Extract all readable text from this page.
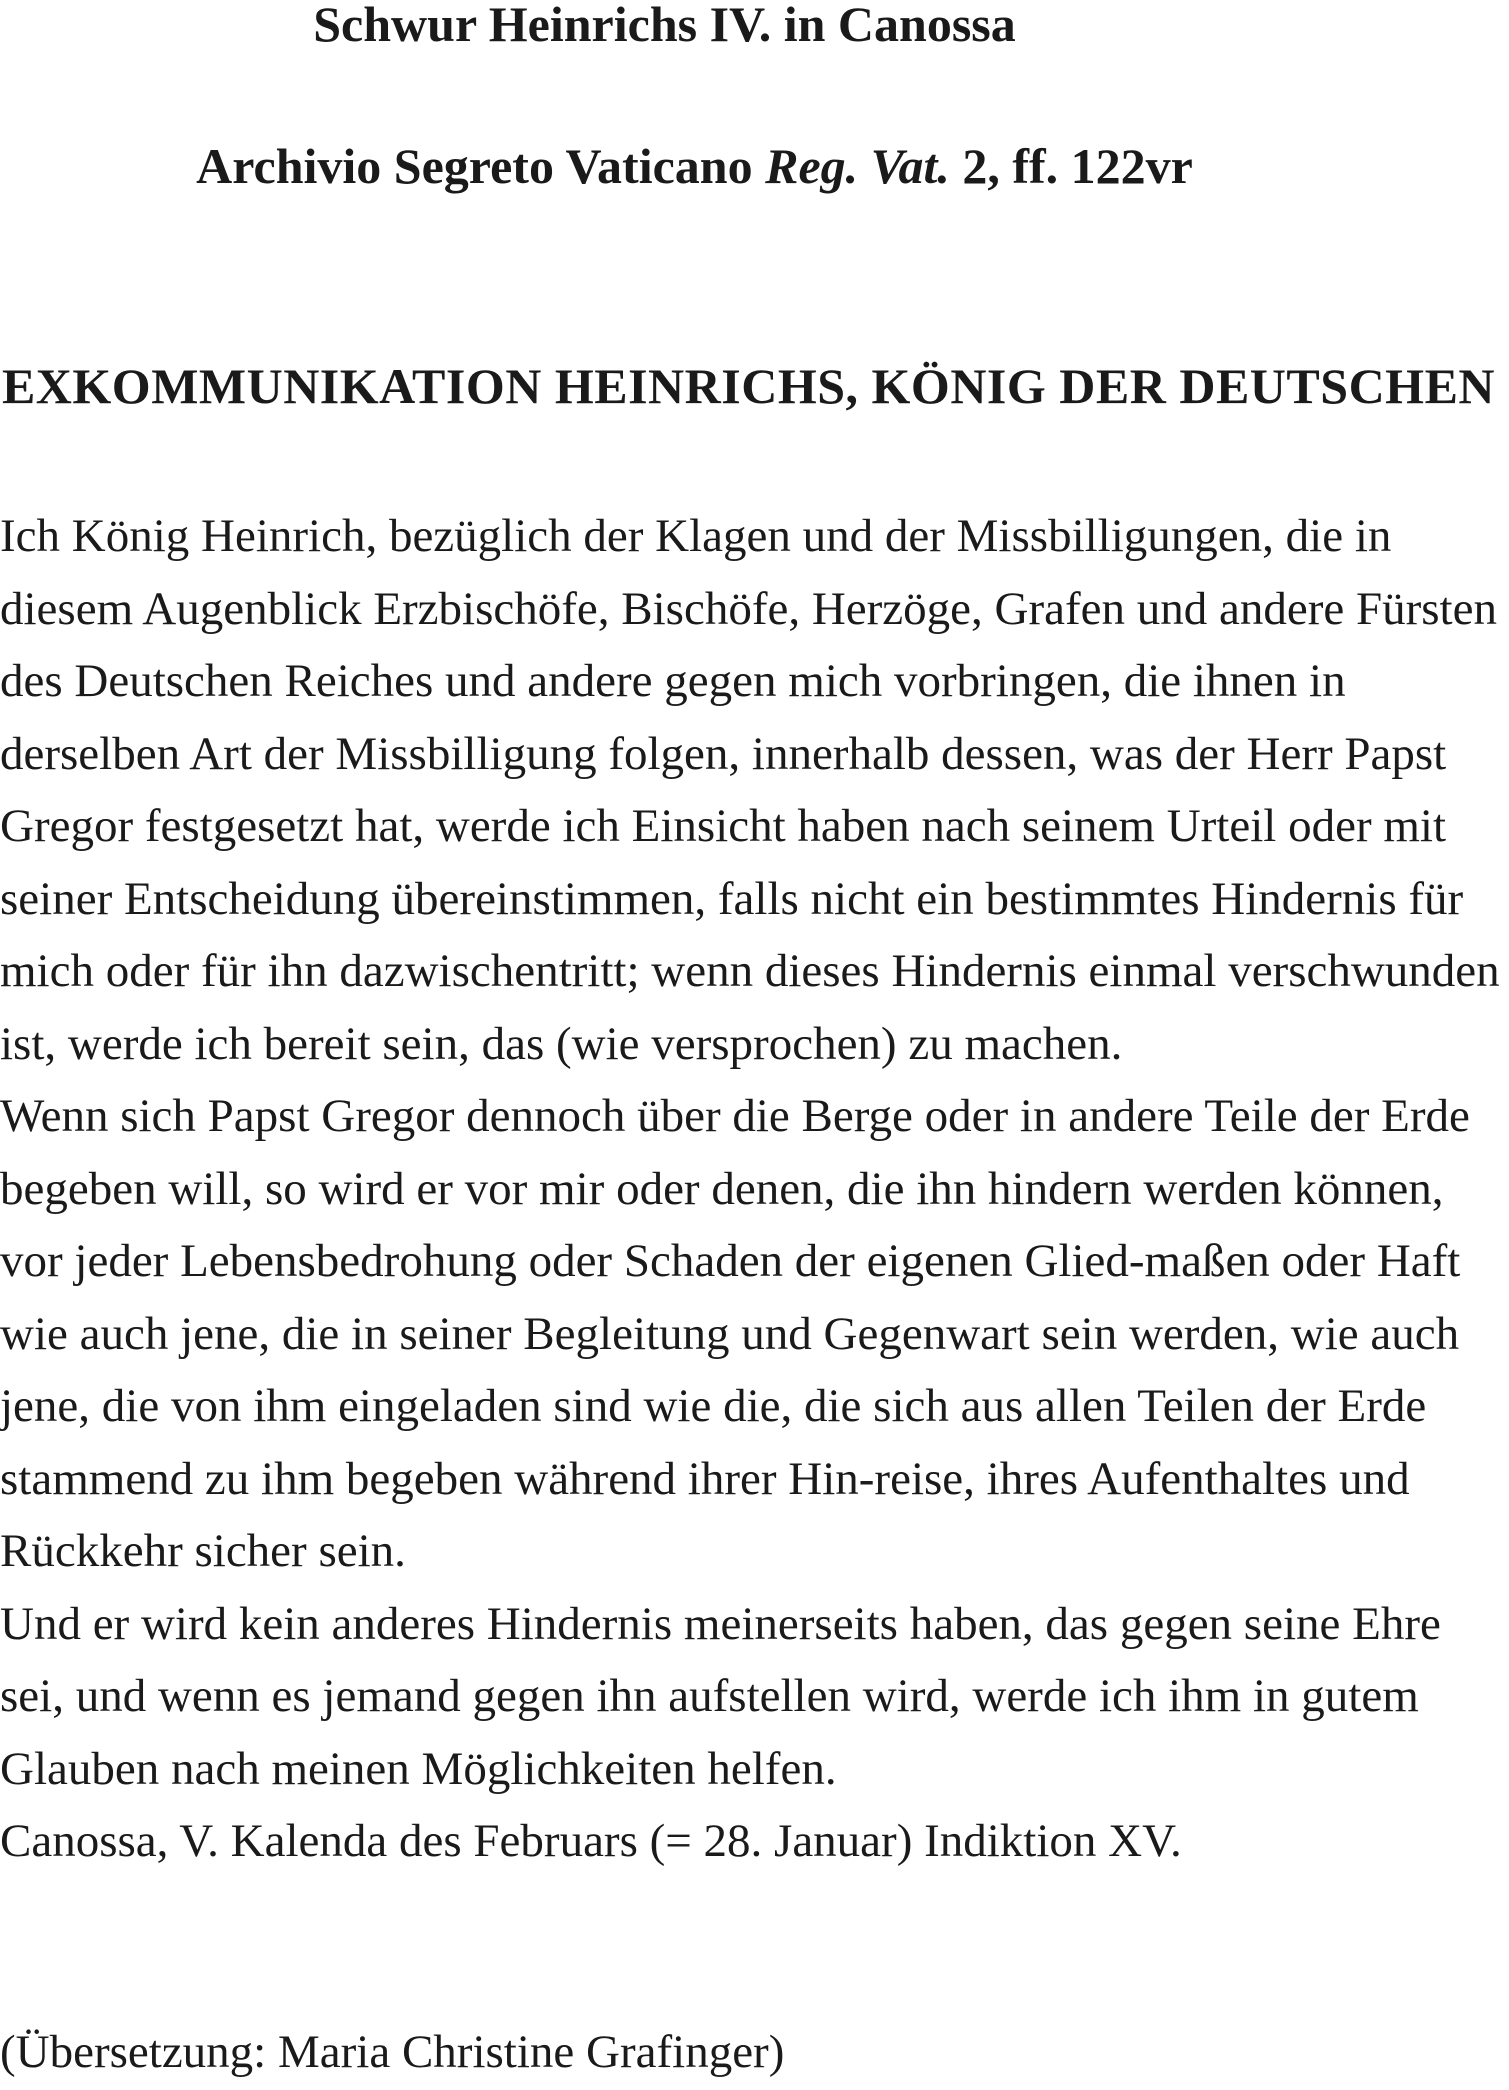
Schwur Heinrichs IV. in Canossa
Archivio Segreto Vaticano Reg. Vat. 2, ff. 122vr
EXKOMMUNIKATION HEINRICHS, KÖNIG DER DEUTSCHEN

Ich König Heinrich, bezüglich der Klagen und der Missbilligungen, die in diesem Augenblick Erzbischöfe, Bischöfe, Herzöge, Grafen und andere Fürsten des Deutschen Reiches und andere gegen mich vorbringen, die ihnen in derselben Art der Missbilligung folgen, innerhalb dessen, was der Herr Papst Gregor festgesetzt hat, werde ich Einsicht haben nach seinem Urteil oder mit seiner Entscheidung übereinstimmen, falls nicht ein bestimmtes Hindernis für mich oder für ihn dazwischentritt; wenn dieses Hindernis einmal verschwunden ist, werde ich bereit sein, das (wie versprochen) zu machen.

Wenn sich Papst Gregor dennoch über die Berge oder in andere Teile der Erde begeben will, so wird er vor mir oder denen, die ihn hindern werden können, vor jeder Lebensbedrohung oder Schaden der eigenen Glied-maßen oder Haft wie auch jene, die in seiner Begleitung und Gegenwart sein werden, wie auch jene, die von ihm eingeladen sind wie die, die sich aus allen Teilen der Erde stammend zu ihm begeben während ihrer Hin-reise, ihres Aufenthaltes und Rückkehr sicher sein.

Und er wird kein anderes Hindernis meinerseits haben, das gegen seine Ehre sei, und wenn es jemand gegen ihn aufstellen wird, werde ich ihm in gutem Glauben nach meinen Möglichkeiten helfen.

Canossa, V. Kalenda des Februars (= 28. Januar) Indiktion XV.

(Übersetzung: Maria Christine Grafinger)
